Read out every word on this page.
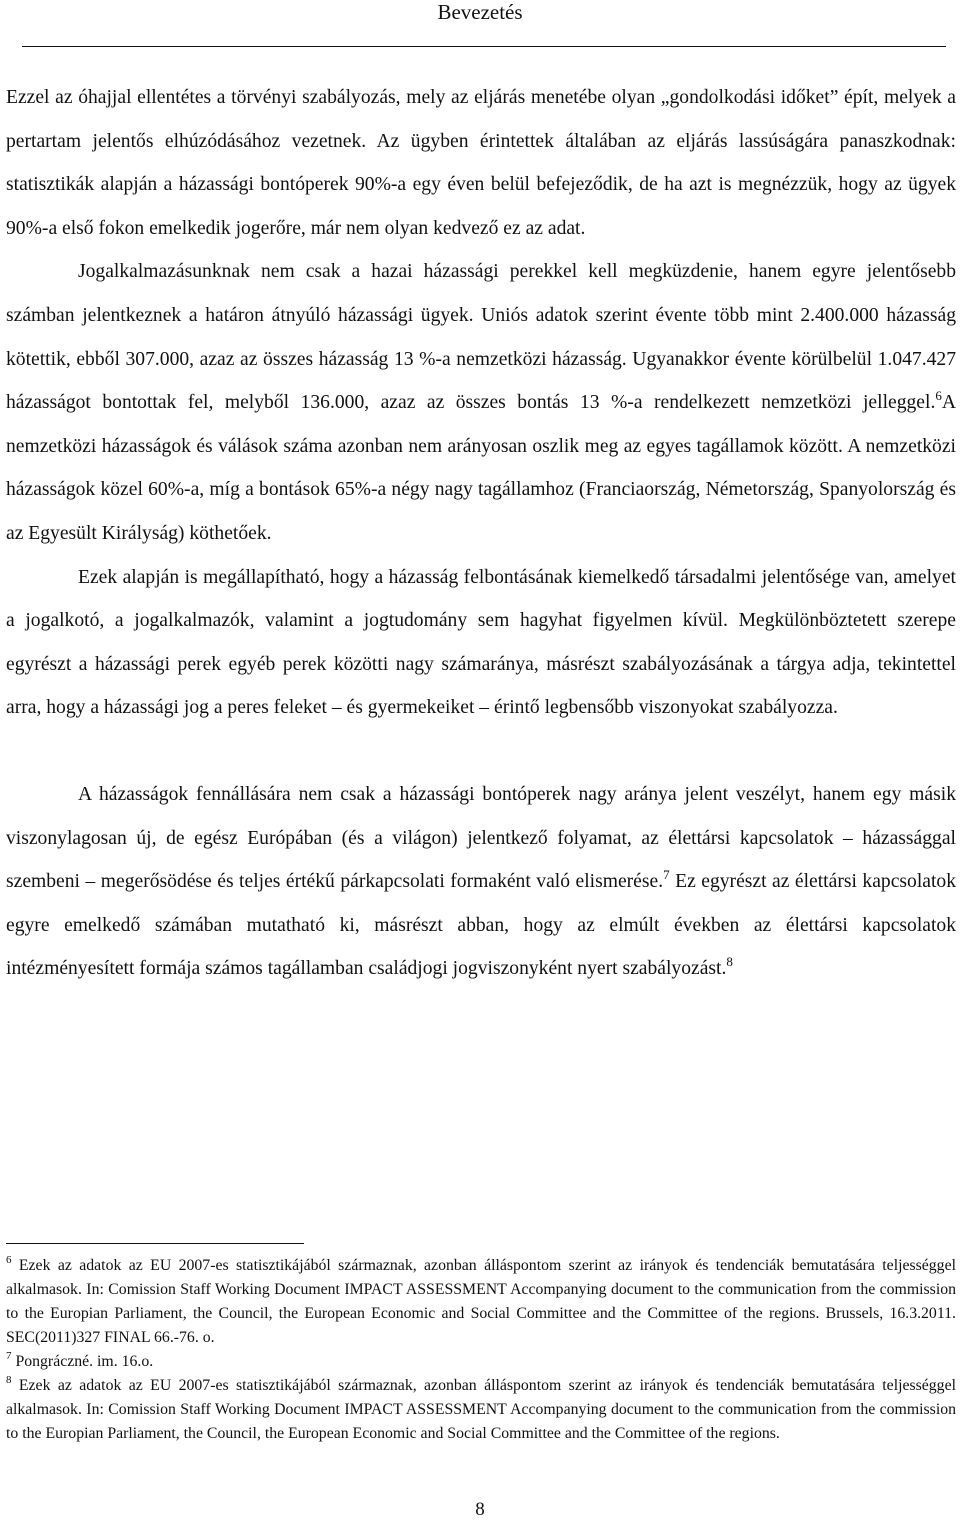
Bevezetés

Ezzel az óhajjal ellentétes a törvényi szabályozás, mely az eljárás menetébe olyan „gondolkodási időket” épít, melyek a pertartam jelentős elhúzódásához vezetnek. Az ügyben érintettek általában az eljárás lassúságára panaszkodnak: statisztikák alapján a házassági bontóperek 90%-a egy éven belül befejeződik, de ha azt is megnézzük, hogy az ügyek 90%-a első fokon emelkedik jogerőre, már nem olyan kedvező ez az adat.

Jogalkalmazásunknak nem csak a hazai házassági perekkel kell megküzdenie, hanem egyre jelentősebb számban jelentkeznek a határon átnyúló házassági ügyek. Uniós adatok szerint évente több mint 2.400.000 házasság kötettik, ebből 307.000, azaz az összes házasság 13 %-a nemzetközi házasság. Ugyanakkor évente körülbelül 1.047.427 házasságot bontottak fel, melyből 136.000, azaz az összes bontás 13 %-a rendelkezett nemzetközi jelleggel.$^6$A nemzetközi házasságok és válások száma azonban nem arányosan oszlik meg az egyes tagállamok között. A nemzetközi házasságok közel 60%-a, míg a bontások 65%-a négy nagy tagállamhoz (Franciaország, Németország, Spanyolország és az Egyesült Királyság) köthetőek.

Ezek alapján is megállapítható, hogy a házasság felbontásának kiemelkedő társadalmi jelentősége van, amelyet a jogalkotó, a jogalkalmazók, valamint a jogtudomány sem hagyhat figyelmen kívül. Megkülönböztetett szerepe egyrészt a házassági perek egyéb perek közötti nagy számaránya, másrészt szabályozásának a tárgya adja, tekintettel arra, hogy a házassági jog a peres feleket – és gyermekeiket – érintő legbensőbb viszonyokat szabályozza.

A házasságok fennállására nem csak a házassági bontóperek nagy aránya jelent veszélyt, hanem egy másik viszonylagosan új, de egész Európában (és a világon) jelentkező folyamat, az élettársi kapcsolatok – házassággal szembeni – megerősödése és teljes értékű párkapcsolati formaként való elismerése.$^7$ Ez egyrészt az élettársi kapcsolatok egyre emelkedő számában mutatható ki, másrészt abban, hogy az elmúlt években az élettársi kapcsolatok intézményesített formája számos tagállamban családjogi jogviszonyként nyert szabályozást.$^8$

$^6$ Ezek az adatok az EU 2007-es statisztikájából származnak, azonban álláspontom szerint az irányok és tendenciák bemutatására teljességgel alkalmasok. In: Comission Staff Working Document IMPACT ASSESSMENT Accompanying document to the communication from the commission to the Europian Parliament, the Council, the European Economic and Social Committee and the Committee of the regions. Brussels, 16.3.2011. SEC(2011)327 FINAL 66.-76. o.

$^7$ Pongráczné. im. 16.o.

$^8$ Ezek az adatok az EU 2007-es statisztikájából származnak, azonban álláspontom szerint az irányok és tendenciák bemutatására teljességgel alkalmasok. In: Comission Staff Working Document IMPACT ASSESSMENT Accompanying document to the communication from the commission to the Europian Parliament, the Council, the European Economic and Social Committee and the Committee of the regions.

8
